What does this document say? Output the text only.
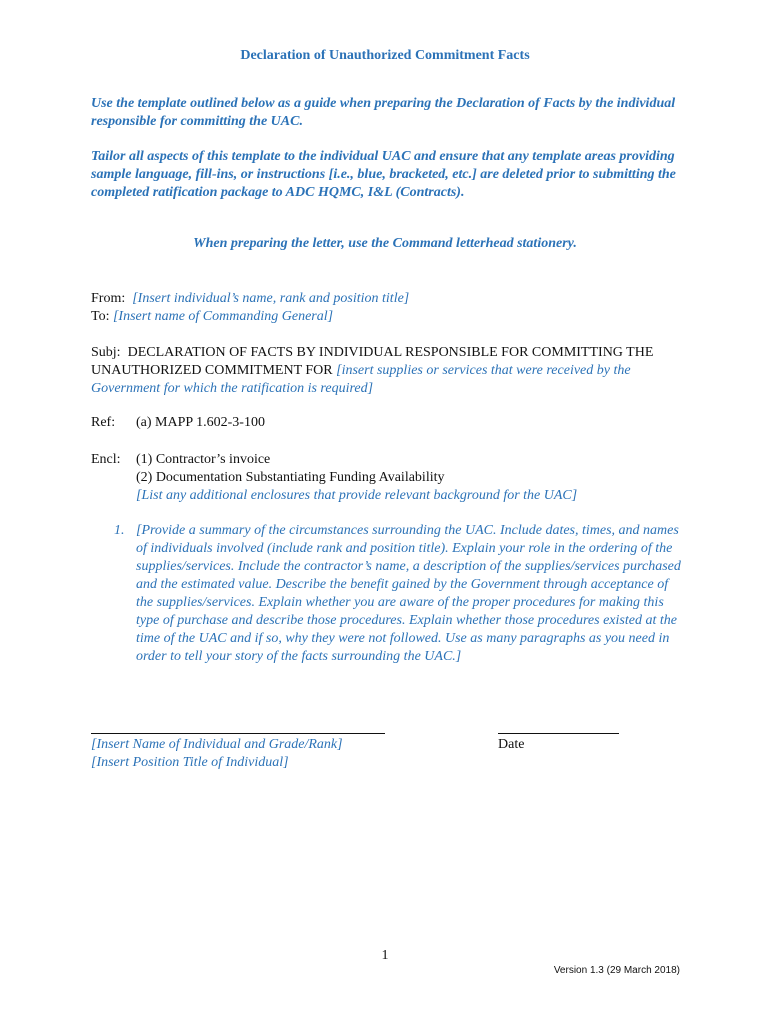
Declaration of Unauthorized Commitment Facts
Use the template outlined below as a guide when preparing the Declaration of Facts by the individual responsible for committing the UAC.
Tailor all aspects of this template to the individual UAC and ensure that any template areas providing sample language, fill-ins, or instructions [i.e., blue, bracketed, etc.] are deleted prior to submitting the completed ratification package to ADC HQMC, I&L (Contracts).
When preparing the letter, use the Command letterhead stationery.
From: [Insert individual’s name, rank and position title]
To: [Insert name of Commanding General]
Subj: DECLARATION OF FACTS BY INDIVIDUAL RESPONSIBLE FOR COMMITTING THE UNAUTHORIZED COMMITMENT FOR [insert supplies or services that were received by the Government for which the ratification is required]
Ref: (a) MAPP 1.602-3-100
Encl: (1) Contractor’s invoice
(2) Documentation Substantiating Funding Availability
[List any additional enclosures that provide relevant background for the UAC]
1. [Provide a summary of the circumstances surrounding the UAC. Include dates, times, and names of individuals involved (include rank and position title). Explain your role in the ordering of the supplies/services. Include the contractor’s name, a description of the supplies/services purchased and the estimated value. Describe the benefit gained by the Government through acceptance of the supplies/services. Explain whether you are aware of the proper procedures for making this type of purchase and describe those procedures. Explain whether those procedures existed at the time of the UAC and if so, why they were not followed. Use as many paragraphs as you need in order to tell your story of the facts surrounding the UAC.]
[Insert Name of Individual and Grade/Rank]
[Insert Position Title of Individual]
Date
1
Version 1.3 (29 March 2018)
